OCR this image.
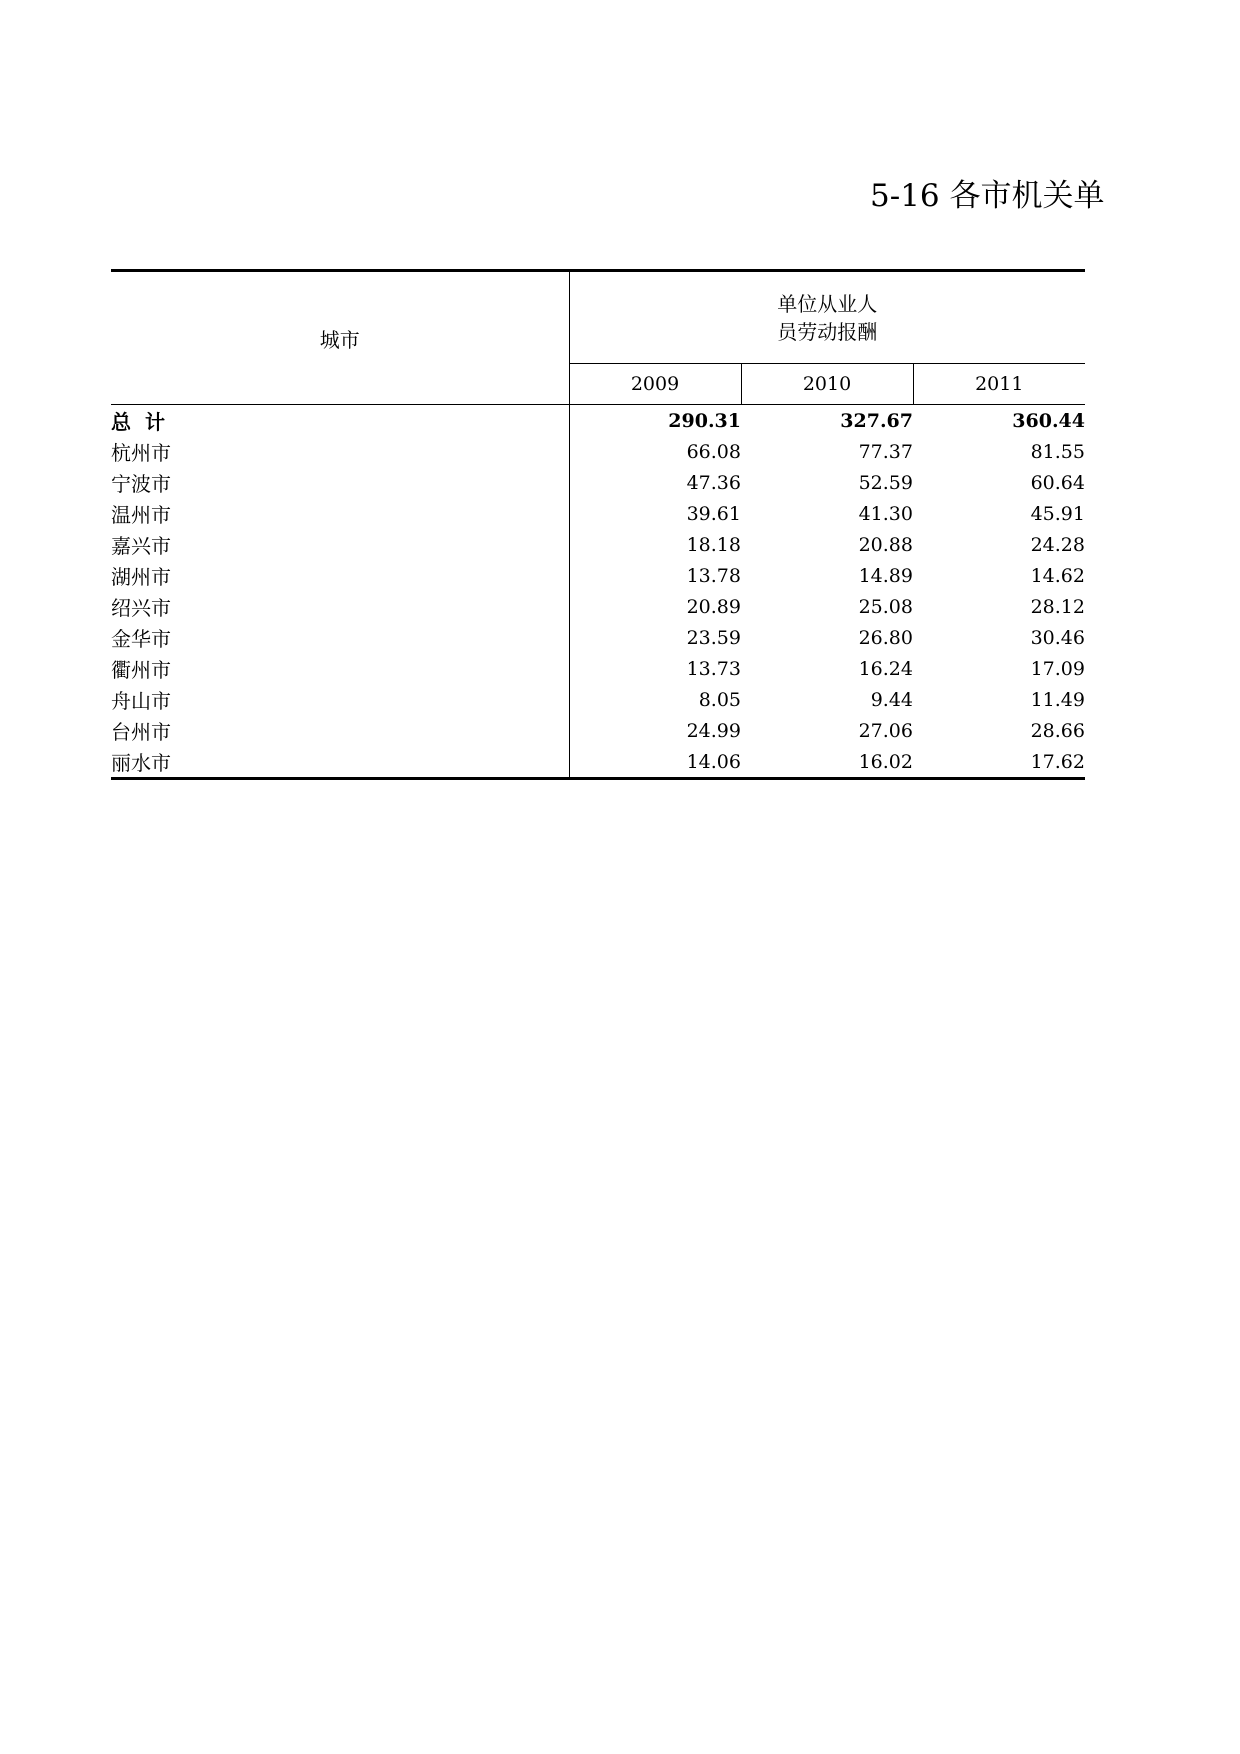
5-16 各市机关单
城市	单位从业人
员劳动报酬		
	2009	2010	2011
总计	290.31	327.67	360.44
杭州市	66.08	77.37	81.55
宁波市	47.36	52.59	60.64
温州市	39.61	41.30	45.91
嘉兴市	18.18	20.88	24.28
湖州市	13.78	14.89	14.62
绍兴市	20.89	25.08	28.12
金华市	23.59	26.80	30.46
衢州市	13.73	16.24	17.09
舟山市	8.05	9.44	11.49
台州市	24.99	27.06	28.66
丽水市	14.06	16.02	17.62
